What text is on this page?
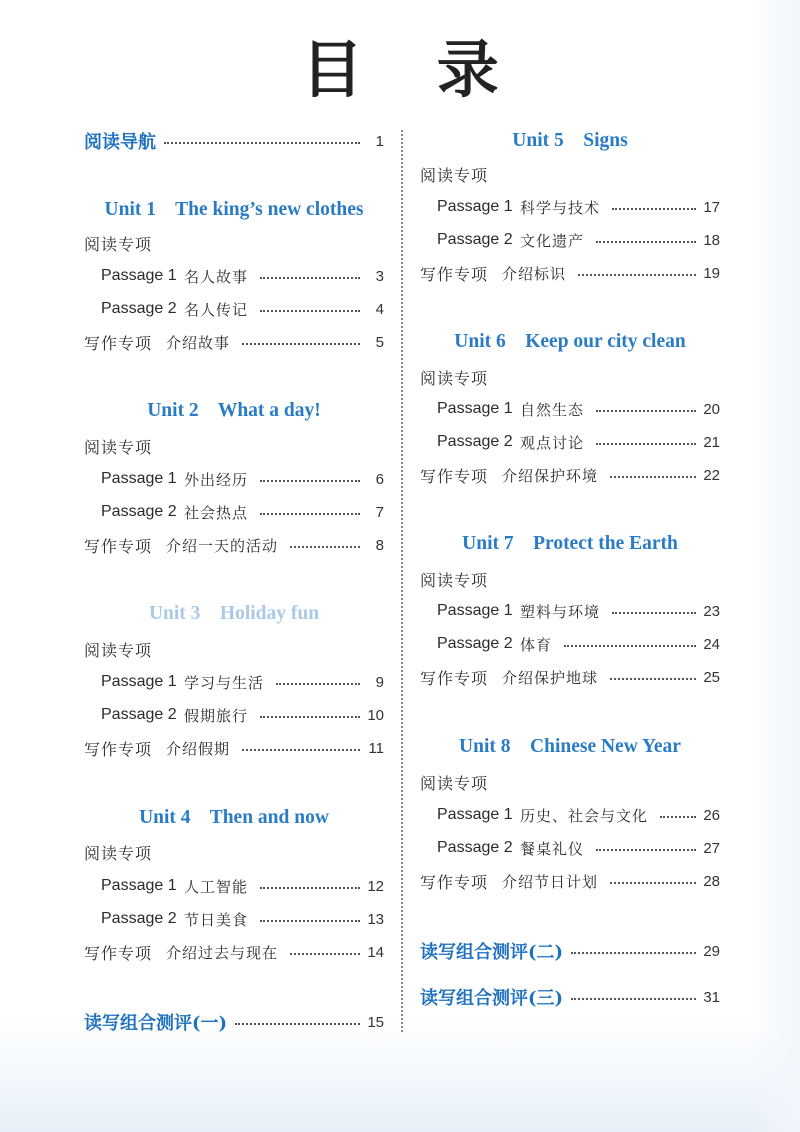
目 录
阅读导航	1
Unit 1    The king’s new clothes
阅读专项
Passage 1 名人故事	3
Passage 2 名人传记	4
写作专项 介绍故事	5
Unit 2    What a day!
阅读专项
Passage 1 外出经历	6
Passage 2 社会热点	7
写作专项 介绍一天的活动	8
Unit 3    Holiday fun
阅读专项
Passage 1 学习与生活	9
Passage 2 假期旅行	10
写作专项 介绍假期	11
Unit 4    Then and now
阅读专项
Passage 1 人工智能	12
Passage 2 节日美食	13
写作专项 介绍过去与现在	14
读写组合测评(一)	15
Unit 5    Signs
阅读专项
Passage 1 科学与技术	17
Passage 2 文化遗产	18
写作专项 介绍标识	19
Unit 6    Keep our city clean
阅读专项
Passage 1 自然生态	20
Passage 2 观点讨论	21
写作专项 介绍保护环境	22
Unit 7    Protect the Earth
阅读专项
Passage 1 塑料与环境	23
Passage 2 体育	24
写作专项 介绍保护地球	25
Unit 8    Chinese New Year
阅读专项
Passage 1 历史、社会与文化	26
Passage 2 餐桌礼仪	27
写作专项 介绍节日计划	28
读写组合测评(二)	29
读写组合测评(三)	31
